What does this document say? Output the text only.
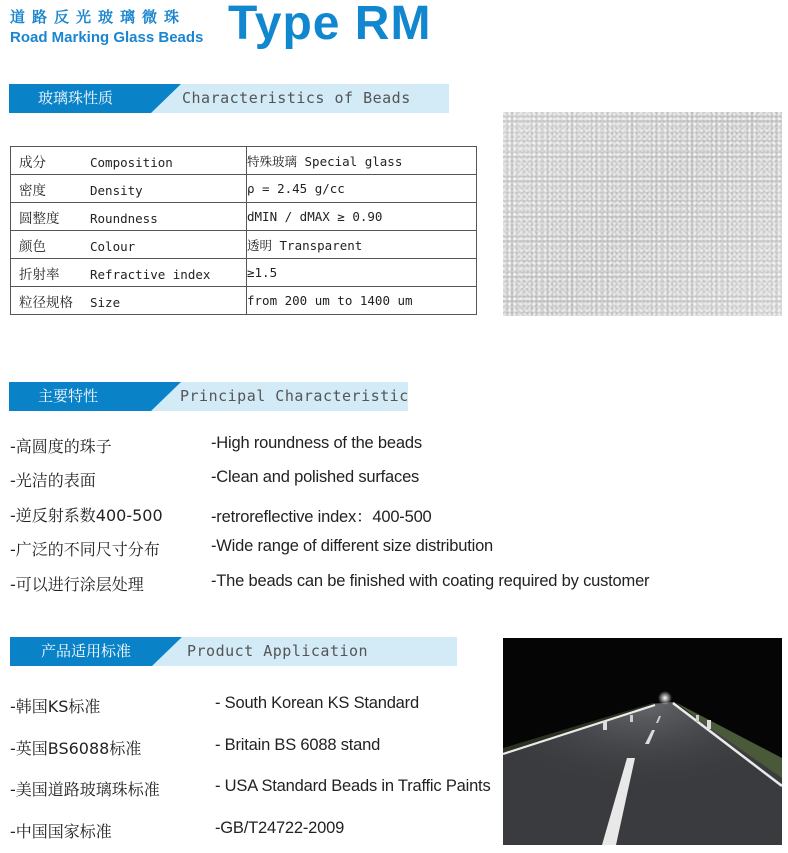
道路反光玻璃微珠
Road Marking Glass Beads Type RM
玻璃珠性质	Characteristics of Beads
成分 Composition	特殊玻璃 Special glass
密度 Density	ρ = 2.45 g/cc
圆整度 Roundness	dMIN / dMAX ≥ 0.90
颜色 Colour	透明 Transparent
折射率 Refractive index	≥1.5
粒径规格 Size	from 200 um to 1400 um
主要特性	Principal Characteristic
-高圆度的珠子	-High roundness of the beads
-光洁的表面	-Clean and polished surfaces
-逆反射系数400-500	-retroreflective index：400-500
-广泛的不同尺寸分布	-Wide range of different size distribution
-可以进行涂层处理	-The beads can be finished with coating required by customer
产品适用标准	Product Application
-韩国KS标准	- South Korean KS Standard
-英国BS6088标准	- Britain BS 6088 stand
-美国道路玻璃珠标准	- USA Standard Beads in Traffic Paints
-中国国家标准	-GB/T24722-2009
